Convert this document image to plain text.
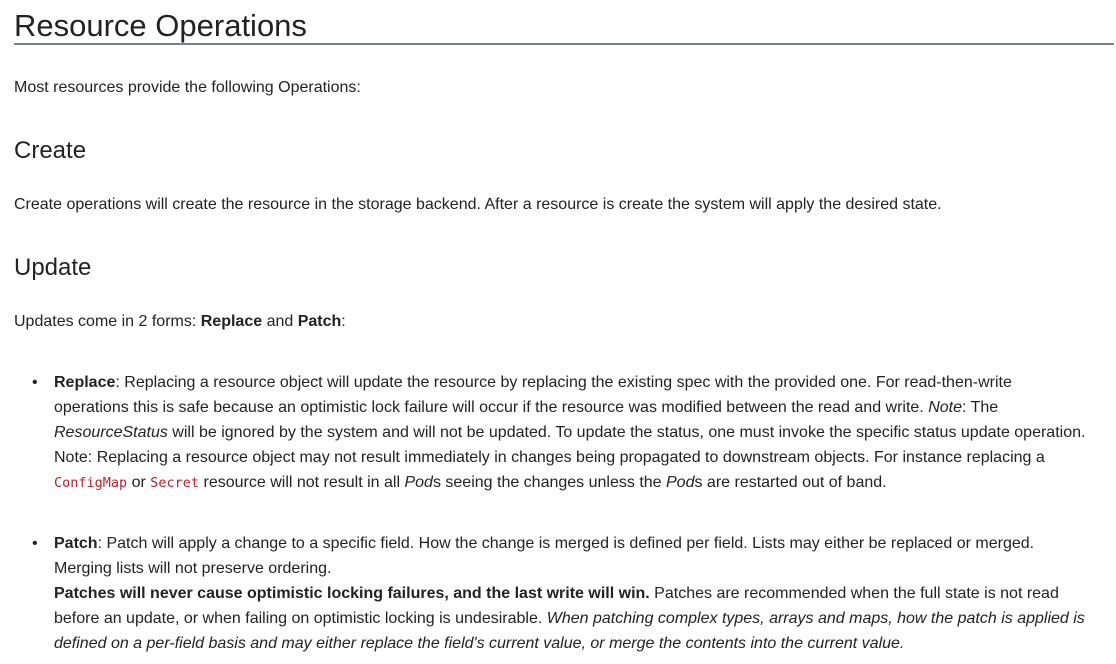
Resource Operations

Most resources provide the following Operations:

Create

Create operations will create the resource in the storage backend. After a resource is create the system will apply the desired state.

Update

Updates come in 2 forms: Replace and Patch:

• Replace: Replacing a resource object will update the resource by replacing the existing spec with the provided one. For read-then-write
operations this is safe because an optimistic lock failure will occur if the resource was modified between the read and write. Note: The
ResourceStatus will be ignored by the system and will not be updated. To update the status, one must invoke the specific status update operation.
Note: Replacing a resource object may not result immediately in changes being propagated to downstream objects. For instance replacing a
ConfigMap or Secret resource will not result in all Pods seeing the changes unless the Pods are restarted out of band.
• Patch: Patch will apply a change to a specific field. How the change is merged is defined per field. Lists may either be replaced or merged.
Merging lists will not preserve ordering.
Patches will never cause optimistic locking failures, and the last write will win. Patches are recommended when the full state is not read
before an update, or when failing on optimistic locking is undesirable. When patching complex types, arrays and maps, how the patch is applied is
defined on a per-field basis and may either replace the field's current value, or merge the contents into the current value.
